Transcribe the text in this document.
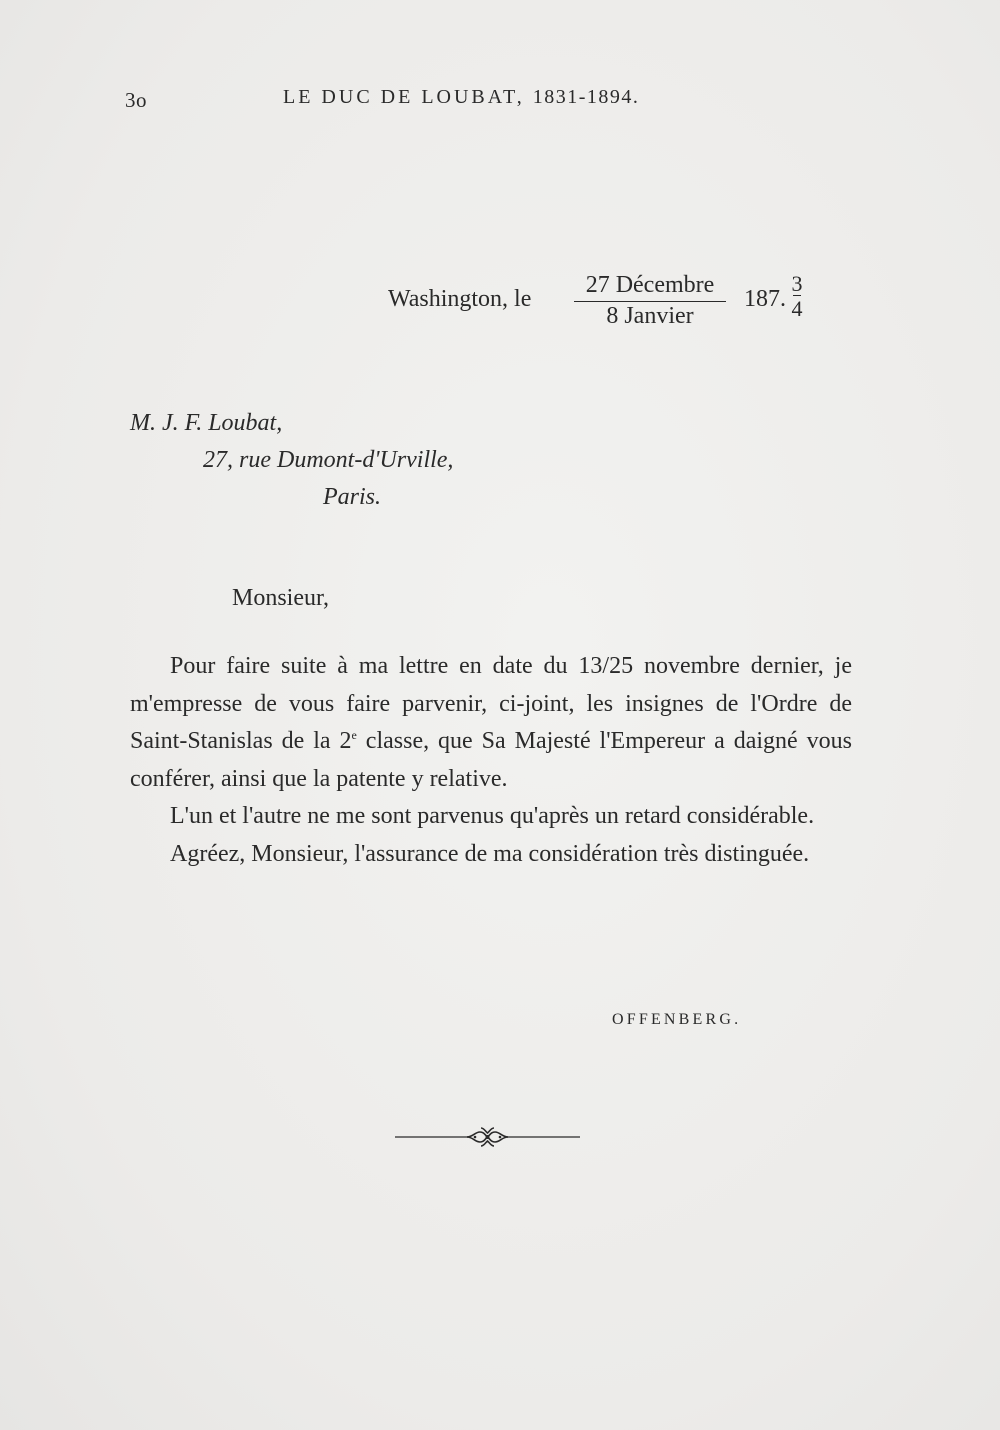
3o	LE DUC DE LOUBAT, 1831-1894.
Washington, le
27 Décembre
8 Janvier
187.
3
4
M. J. F. Loubat,
27, rue Dumont-d'Urville,
Paris.
Monsieur,

Pour faire suite à ma lettre en date du 13/25 novembre dernier, je m'empresse de vous faire parvenir, ci-joint, les insignes de l'Ordre de Saint-Stanislas de la 2e classe, que Sa Majesté l'Empereur a daigné vous conférer, ainsi que la patente y relative.

L'un et l'autre ne me sont parvenus qu'après un retard considérable.

Agréez, Monsieur, l'assurance de ma considération très distinguée.

OFFENBERG.
